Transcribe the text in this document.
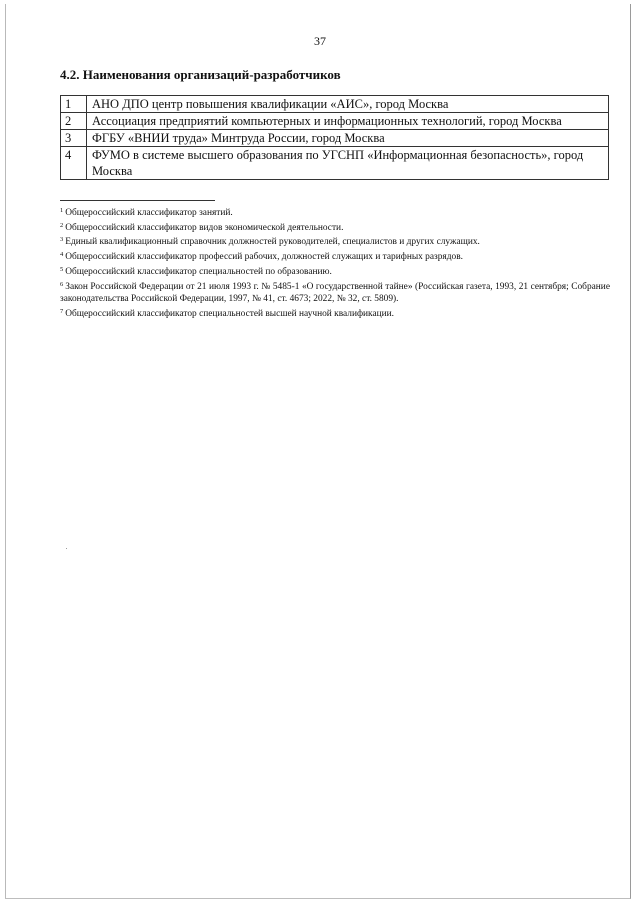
37
4.2. Наименования организаций-разработчиков
1	АНО ДПО центр повышения квалификации «АИС», город Москва
2	Ассоциация предприятий компьютерных и информационных технологий, город Москва
3	ФГБУ «ВНИИ труда» Минтруда России, город Москва
4	ФУМО в системе высшего образования по УГСНП «Информационная безопасность», город Москва

$^1$ Общероссийский классификатор занятий.

$^2$ Общероссийский классификатор видов экономической деятельности.

$^3$ Единый квалификационный справочник должностей руководителей, специалистов и других служащих.

$^4$ Общероссийский классификатор профессий рабочих, должностей служащих и тарифных разрядов.

$^5$ Общероссийский классификатор специальностей по образованию.

$^6$ Закон Российской Федерации от 21 июля 1993 г. № 5485-1 «О государственной тайне» (Российская газета, 1993, 21 сентября; Собрание законодательства Российской Федерации, 1997, № 41, ст. 4673; 2022, № 32, ст. 5809).

$^7$ Общероссийский классификатор специальностей высшей научной квалификации.
